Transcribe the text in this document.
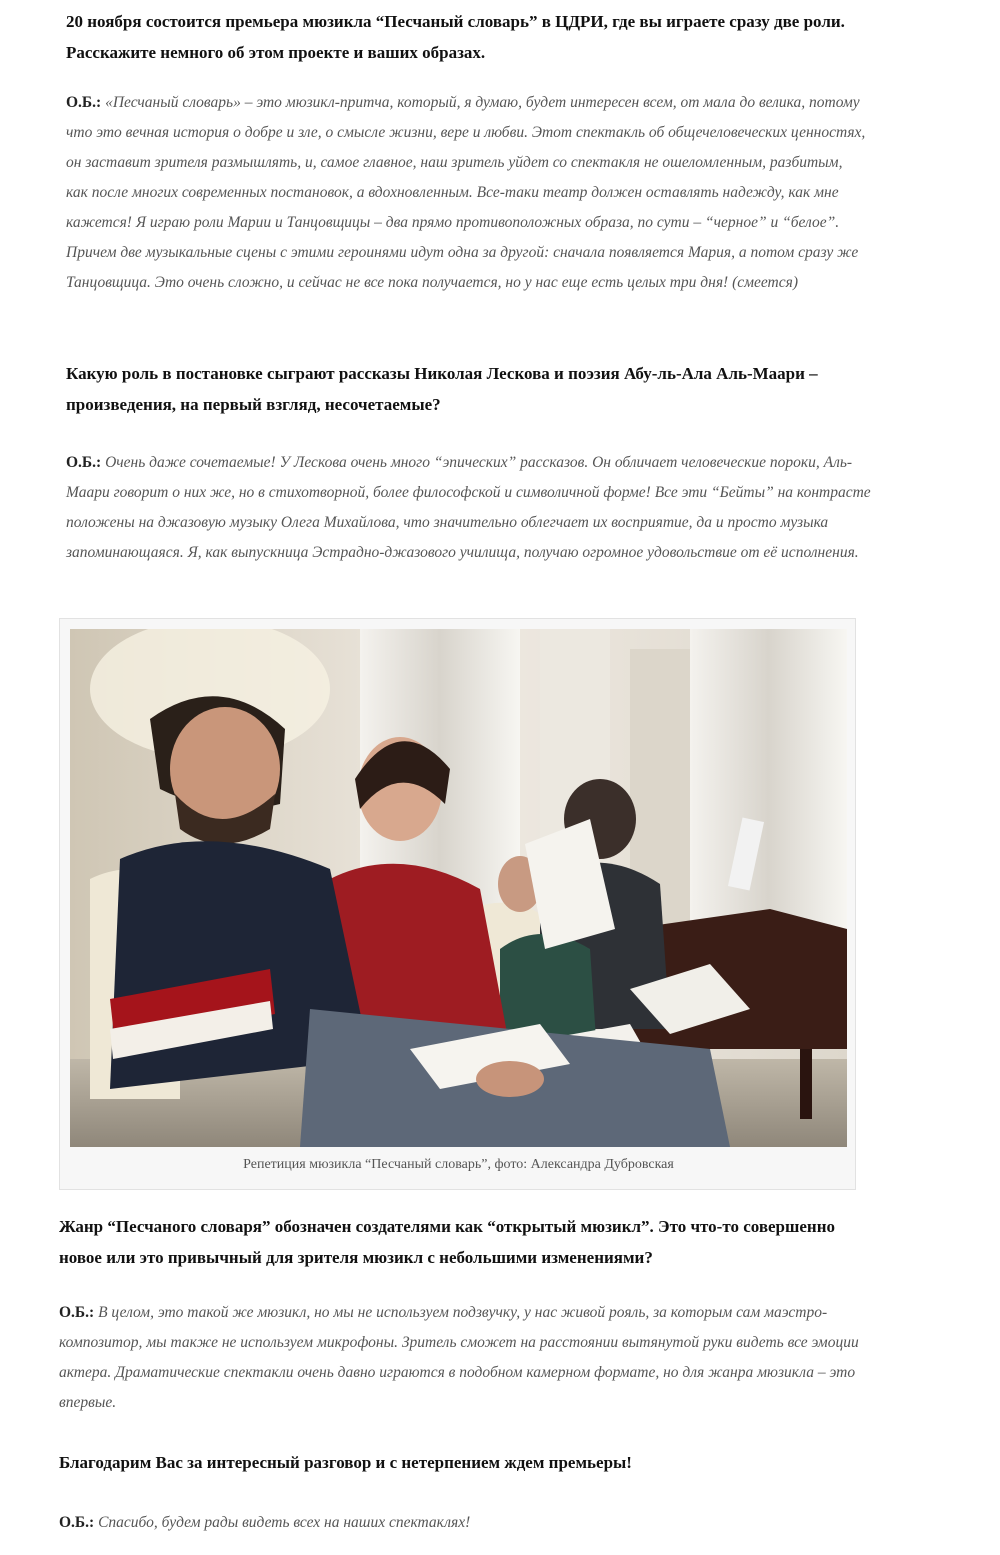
20 ноября состоится премьера мюзикла “Песчаный словарь” в ЦДРИ, где вы играете сразу две роли. Расскажите немного об этом проекте и ваших образах.

О.Б.: «Песчаный словарь» – это мюзикл-притча, который, я думаю, будет интересен всем, от мала до велика, потому что это вечная история о добре и зле, о смысле жизни, вере и любви. Этот спектакль об общечеловеческих ценностях, он заставит зрителя размышлять, и, самое главное, наш зритель уйдет со спектакля не ошеломленным, разбитым, как после многих современных постановок, а вдохновленным. Все-таки театр должен оставлять надежду, как мне кажется! Я играю роли Марии и Танцовщицы – два прямо противоположных образа, по сути – “черное” и “белое”. Причем две музыкальные сцены с этими героинями идут одна за другой: сначала появляется Мария, а потом сразу же Танцовщица. Это очень сложно, и сейчас не все пока получается, но у нас еще есть целых три дня! (смеется)

Какую роль в постановке сыграют рассказы Николая Лескова и поэзия Абу-ль-Ала Аль-Маари – произведения, на первый взгляд, несочетаемые?

О.Б.: Очень даже сочетаемые! У Лескова очень много “эпических” рассказов. Он обличает человеческие пороки, Аль-Маари говорит о них же, но в стихотворной, более философской и символичной форме! Все эти “Бейты” на контрасте положены на джазовую музыку Олега Михайлова, что значительно облегчает их восприятие, да и просто музыка запоминающаяся. Я, как выпускница Эстрадно-джазового училища, получаю огромное удовольствие от её исполнения.

Репетиция мюзикла “Песчаный словарь”, фото: Александра Дубровская

Жанр “Песчаного словаря” обозначен создателями как “открытый мюзикл”. Это что-то совершенно новое или это привычный для зрителя мюзикл с небольшими изменениями?

О.Б.: В целом, это такой же мюзикл, но мы не используем подзвучку, у нас живой рояль, за которым сам маэстро-композитор, мы также не используем микрофоны. Зритель сможет на расстоянии вытянутой руки видеть все эмоции актера. Драматические спектакли очень давно играются в подобном камерном формате, но для жанра мюзикла – это впервые.

Благодарим Вас за интересный разговор и с нетерпением ждем премьеры!

О.Б.: Спасибо, будем рады видеть всех на наших спектаклях!
